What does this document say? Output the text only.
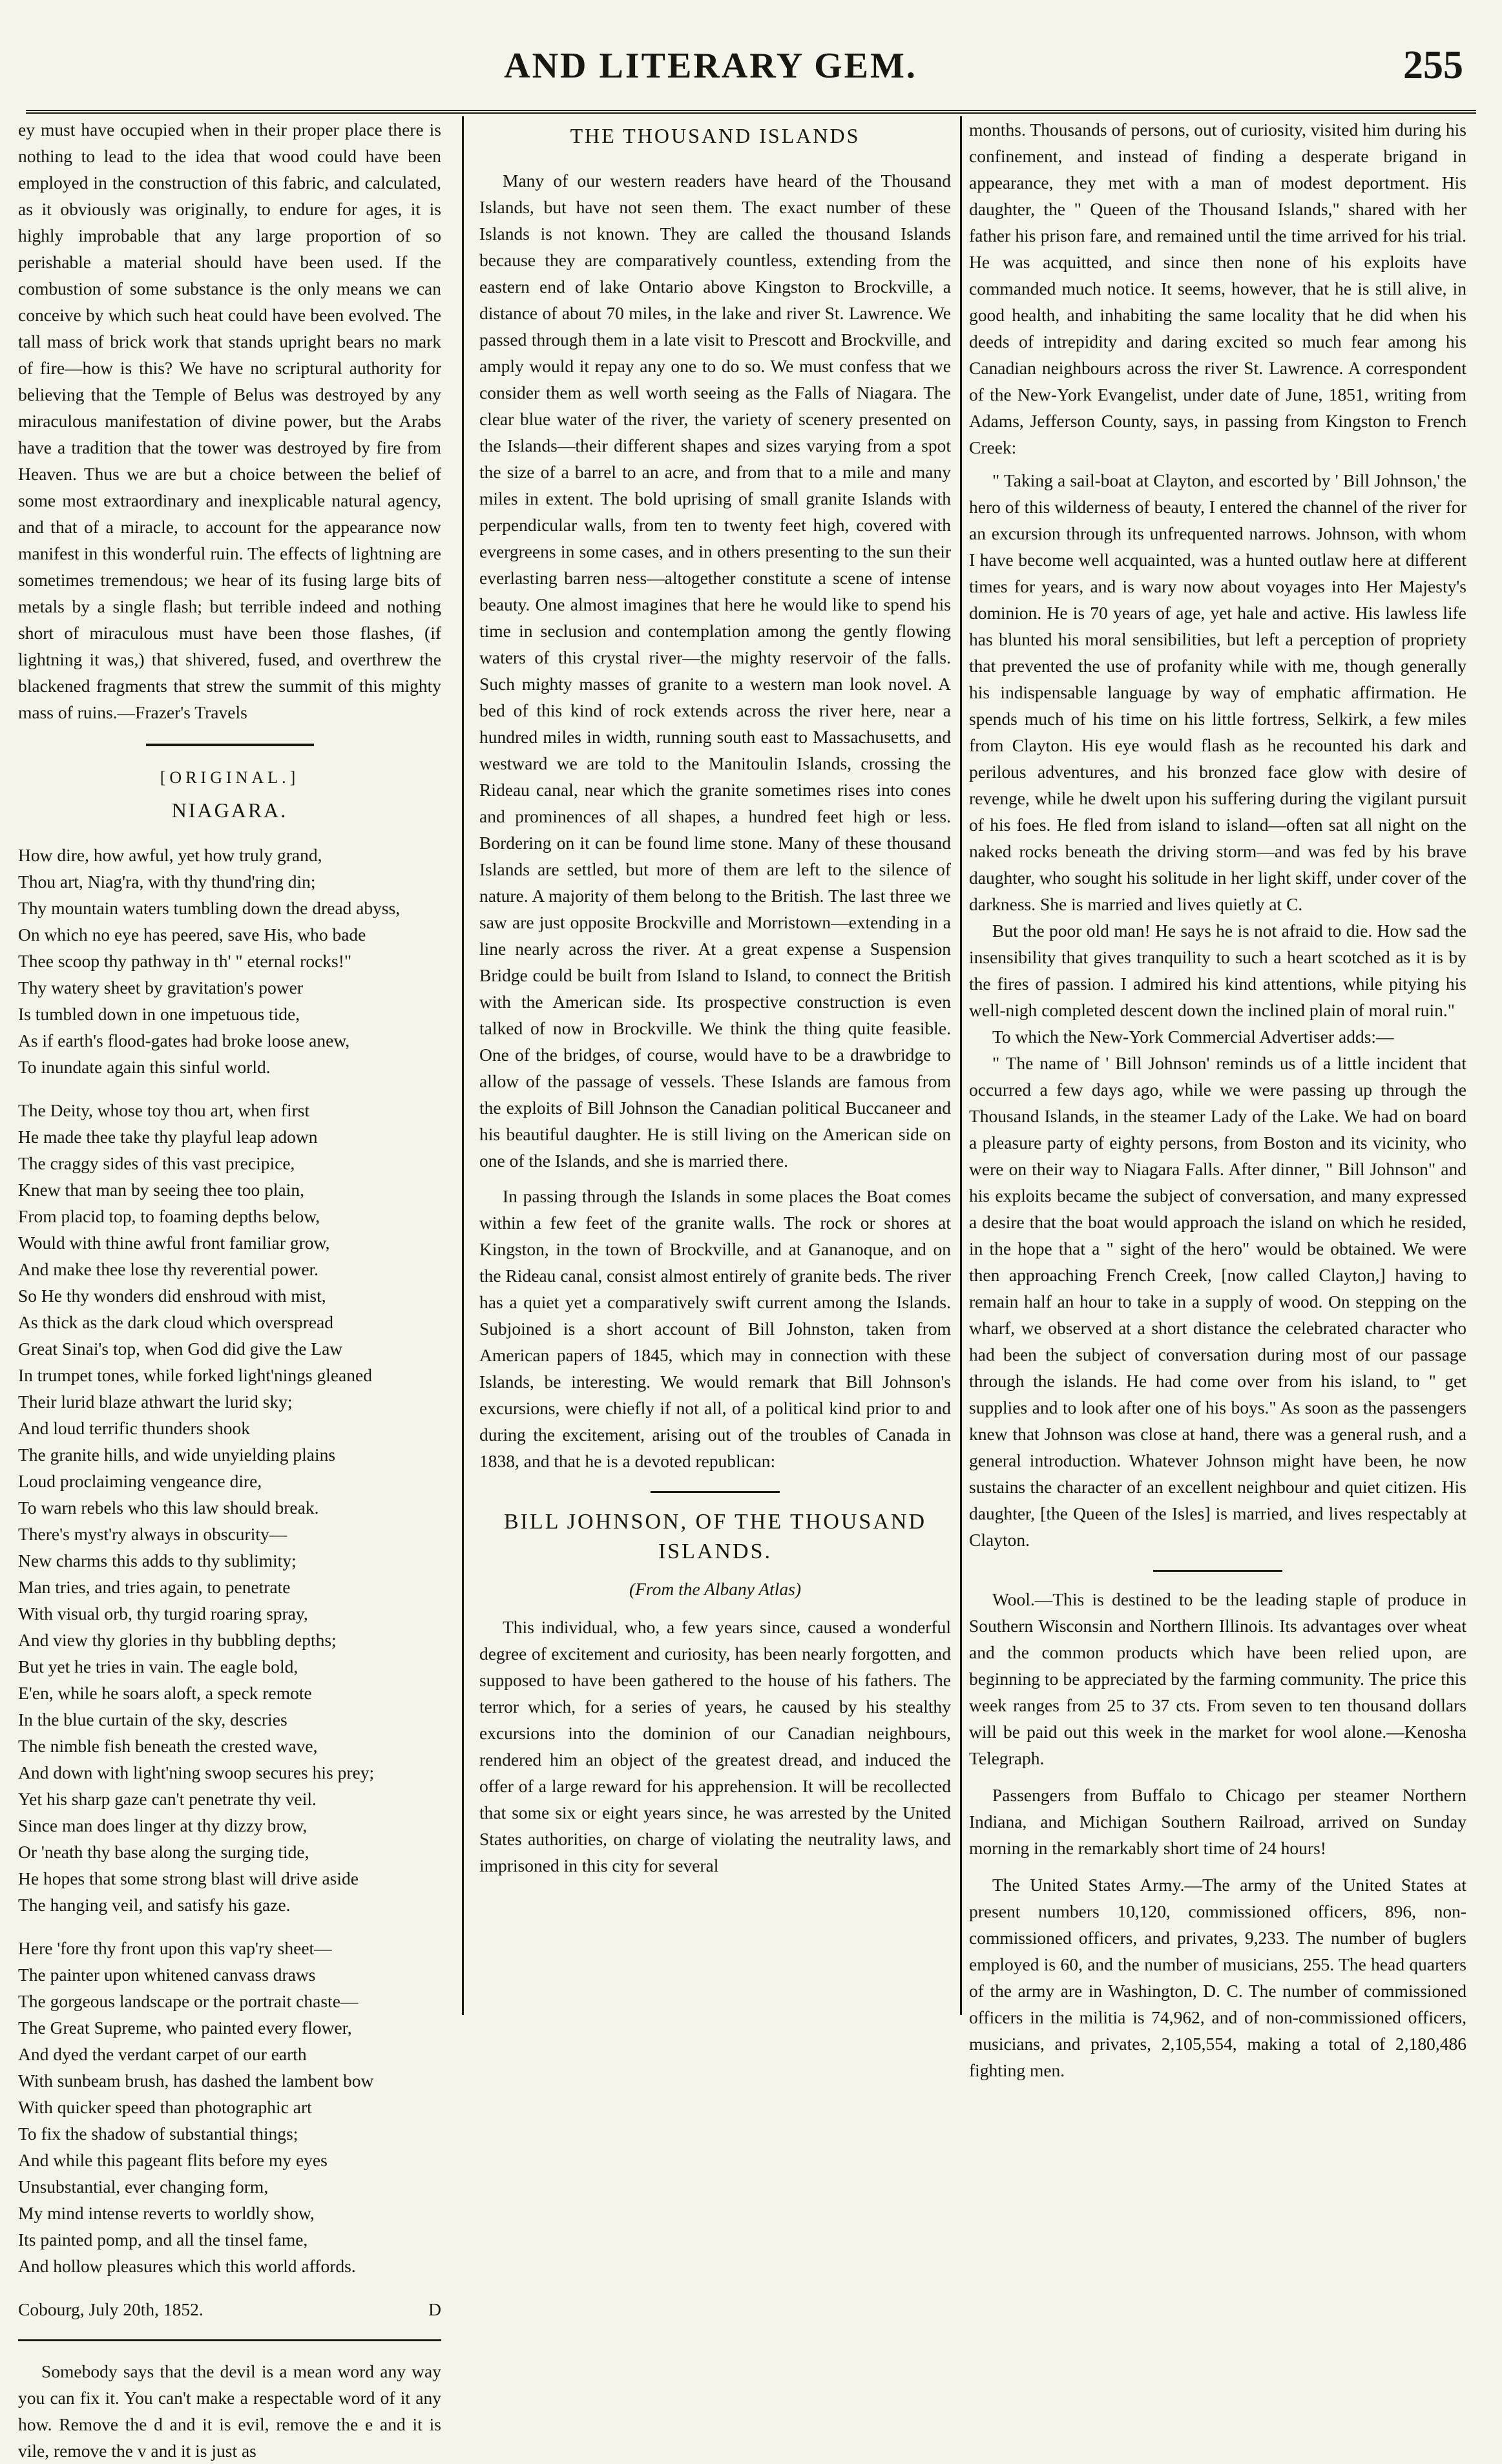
AND LITERARY GEM.	255

ey must have occupied when in their proper place there is nothing to lead to the idea that wood could have been employed in the construction of this fabric, and calculated, as it obviously was originally, to endure for ages, it is highly improbable that any large proportion of so perishable a material should have been used. If the combustion of some substance is the only means we can conceive by which such heat could have been evolved. The tall mass of brick work that stands upright bears no mark of fire—how is this? We have no scriptural authority for believing that the Temple of Belus was destroyed by any miraculous manifestation of divine power, but the Arabs have a tradition that the tower was destroyed by fire from Heaven. Thus we are but a choice between the belief of some most extraordinary and inexplicable natural agency, and that of a miracle, to account for the appearance now manifest in this wonderful ruin. The effects of lightning are sometimes tremendous; we hear of its fusing large bits of metals by a single flash; but terrible indeed and nothing short of miraculous must have been those flashes, (if lightning it was,) that shivered, fused, and overthrew the blackened fragments that strew the summit of this mighty mass of ruins.—Frazer's Travels

[ORIGINAL.]
NIAGARA.
How dire, how awful, yet how truly grand,
Thou art, Niag'ra, with thy thund'ring din;
Thy mountain waters tumbling down the dread abyss,
On which no eye has peered, save His, who bade
Thee scoop thy pathway in th' " eternal rocks!"
Thy watery sheet by gravitation's power
Is tumbled down in one impetuous tide,
As if earth's flood-gates had broke loose anew,
To inundate again this sinful world.
The Deity, whose toy thou art, when first
He made thee take thy playful leap adown
The craggy sides of this vast precipice,
Knew that man by seeing thee too plain,
From placid top, to foaming depths below,
Would with thine awful front familiar grow,
And make thee lose thy reverential power.
So He thy wonders did enshroud with mist,
As thick as the dark cloud which overspread
Great Sinai's top, when God did give the Law
In trumpet tones, while forked light'nings gleaned
Their lurid blaze athwart the lurid sky;
And loud terrific thunders shook
The granite hills, and wide unyielding plains
Loud proclaiming vengeance dire,
To warn rebels who this law should break.
There's myst'ry always in obscurity—
New charms this adds to thy sublimity;
Man tries, and tries again, to penetrate
With visual orb, thy turgid roaring spray,
And view thy glories in thy bubbling depths;
But yet he tries in vain. The eagle bold,
E'en, while he soars aloft, a speck remote
In the blue curtain of the sky, descries
The nimble fish beneath the crested wave,
And down with light'ning swoop secures his prey;
Yet his sharp gaze can't penetrate thy veil.
Since man does linger at thy dizzy brow,
Or 'neath thy base along the surging tide,
He hopes that some strong blast will drive aside
The hanging veil, and satisfy his gaze.
Here 'fore thy front upon this vap'ry sheet—
The painter upon whitened canvass draws
The gorgeous landscape or the portrait chaste—
The Great Supreme, who painted every flower,
And dyed the verdant carpet of our earth
With sunbeam brush, has dashed the lambent bow
With quicker speed than photographic art
To fix the shadow of substantial things;
And while this pageant flits before my eyes
Unsubstantial, ever changing form,
My mind intense reverts to worldly show,
Its painted pomp, and all the tinsel fame,
And hollow pleasures which this world affords.
Cobourg, July 20th, 1852.	D

Somebody says that the devil is a mean word any way you can fix it. You can't make a respectable word of it any how. Remove the d and it is evil, remove the e and it is vile, remove the v and it is just as

THE THOUSAND ISLANDS

Many of our western readers have heard of the Thousand Islands, but have not seen them. The exact number of these Islands is not known. They are called the thousand Islands because they are comparatively countless, extending from the eastern end of lake Ontario above Kingston to Brockville, a distance of about 70 miles, in the lake and river St. Lawrence. We passed through them in a late visit to Prescott and Brockville, and amply would it repay any one to do so. We must confess that we consider them as well worth seeing as the Falls of Niagara. The clear blue water of the river, the variety of scenery presented on the Islands—their different shapes and sizes varying from a spot the size of a barrel to an acre, and from that to a mile and many miles in extent. The bold uprising of small granite Islands with perpendicular walls, from ten to twenty feet high, covered with evergreens in some cases, and in others presenting to the sun their everlasting barren ness—altogether constitute a scene of intense beauty. One almost imagines that here he would like to spend his time in seclusion and contemplation among the gently flowing waters of this crystal river—the mighty reservoir of the falls. Such mighty masses of granite to a western man look novel. A bed of this kind of rock extends across the river here, near a hundred miles in width, running south east to Massachusetts, and westward we are told to the Manitoulin Islands, crossing the Rideau canal, near which the granite sometimes rises into cones and prominences of all shapes, a hundred feet high or less. Bordering on it can be found lime stone. Many of these thousand Islands are settled, but more of them are left to the silence of nature. A majority of them belong to the British. The last three we saw are just opposite Brockville and Morristown—extending in a line nearly across the river. At a great expense a Suspension Bridge could be built from Island to Island, to connect the British with the American side. Its prospective construction is even talked of now in Brockville. We think the thing quite feasible. One of the bridges, of course, would have to be a drawbridge to allow of the passage of vessels. These Islands are famous from the exploits of Bill Johnson the Canadian political Buccaneer and his beautiful daughter. He is still living on the American side on one of the Islands, and she is married there.

In passing through the Islands in some places the Boat comes within a few feet of the granite walls. The rock or shores at Kingston, in the town of Brockville, and at Gananoque, and on the Rideau canal, consist almost entirely of granite beds. The river has a quiet yet a comparatively swift current among the Islands. Subjoined is a short account of Bill Johnston, taken from American papers of 1845, which may in connection with these Islands, be interesting. We would remark that Bill Johnson's excursions, were chiefly if not all, of a political kind prior to and during the excitement, arising out of the troubles of Canada in 1838, and that he is a devoted republican:

BILL JOHNSON, OF THE THOUSAND ISLANDS.
(From the Albany Atlas)

This individual, who, a few years since, caused a wonderful degree of excitement and curiosity, has been nearly forgotten, and supposed to have been gathered to the house of his fathers. The terror which, for a series of years, he caused by his stealthy excursions into the dominion of our Canadian neighbours, rendered him an object of the greatest dread, and induced the offer of a large reward for his apprehension. It will be recollected that some six or eight years since, he was arrested by the United States authorities, on charge of violating the neutrality laws, and imprisoned in this city for several

months. Thousands of persons, out of curiosity, visited him during his confinement, and instead of finding a desperate brigand in appearance, they met with a man of modest deportment. His daughter, the " Queen of the Thousand Islands," shared with her father his prison fare, and remained until the time arrived for his trial. He was acquitted, and since then none of his exploits have commanded much notice. It seems, however, that he is still alive, in good health, and inhabiting the same locality that he did when his deeds of intrepidity and daring excited so much fear among his Canadian neighbours across the river St. Lawrence. A correspondent of the New-York Evangelist, under date of June, 1851, writing from Adams, Jefferson County, says, in passing from Kingston to French Creek:

" Taking a sail-boat at Clayton, and escorted by ' Bill Johnson,' the hero of this wilderness of beauty, I entered the channel of the river for an excursion through its unfrequented narrows. Johnson, with whom I have become well acquainted, was a hunted outlaw here at different times for years, and is wary now about voyages into Her Majesty's dominion. He is 70 years of age, yet hale and active. His lawless life has blunted his moral sensibilities, but left a perception of propriety that prevented the use of profanity while with me, though generally his indispensable language by way of emphatic affirmation. He spends much of his time on his little fortress, Selkirk, a few miles from Clayton. His eye would flash as he recounted his dark and perilous adventures, and his bronzed face glow with desire of revenge, while he dwelt upon his suffering during the vigilant pursuit of his foes. He fled from island to island—often sat all night on the naked rocks beneath the driving storm—and was fed by his brave daughter, who sought his solitude in her light skiff, under cover of the darkness. She is married and lives quietly at C.

But the poor old man! He says he is not afraid to die. How sad the insensibility that gives tranquility to such a heart scotched as it is by the fires of passion. I admired his kind attentions, while pitying his well-nigh completed descent down the inclined plain of moral ruin."

To which the New-York Commercial Advertiser adds:—

" The name of ' Bill Johnson' reminds us of a little incident that occurred a few days ago, while we were passing up through the Thousand Islands, in the steamer Lady of the Lake. We had on board a pleasure party of eighty persons, from Boston and its vicinity, who were on their way to Niagara Falls. After dinner, " Bill Johnson" and his exploits became the subject of conversation, and many expressed a desire that the boat would approach the island on which he resided, in the hope that a " sight of the hero" would be obtained. We were then approaching French Creek, [now called Clayton,] having to remain half an hour to take in a supply of wood. On stepping on the wharf, we observed at a short distance the celebrated character who had been the subject of conversation during most of our passage through the islands. He had come over from his island, to " get supplies and to look after one of his boys." As soon as the passengers knew that Johnson was close at hand, there was a general rush, and a general introduction. Whatever Johnson might have been, he now sustains the character of an excellent neighbour and quiet citizen. His daughter, [the Queen of the Isles] is married, and lives respectably at Clayton.

Wool.—This is destined to be the leading staple of produce in Southern Wisconsin and Northern Illinois. Its advantages over wheat and the common products which have been relied upon, are beginning to be appreciated by the farming community. The price this week ranges from 25 to 37 cts. From seven to ten thousand dollars will be paid out this week in the market for wool alone.—Kenosha Telegraph.

Passengers from Buffalo to Chicago per steamer Northern Indiana, and Michigan Southern Railroad, arrived on Sunday morning in the remarkably short time of 24 hours!

The United States Army.—The army of the United States at present numbers 10,120, commissioned officers, 896, non-commissioned officers, and privates, 9,233. The number of buglers employed is 60, and the number of musicians, 255. The head quarters of the army are in Washington, D. C. The number of commissioned officers in the militia is 74,962, and of non-commissioned officers, musicians, and privates, 2,105,554, making a total of 2,180,486 fighting men.
